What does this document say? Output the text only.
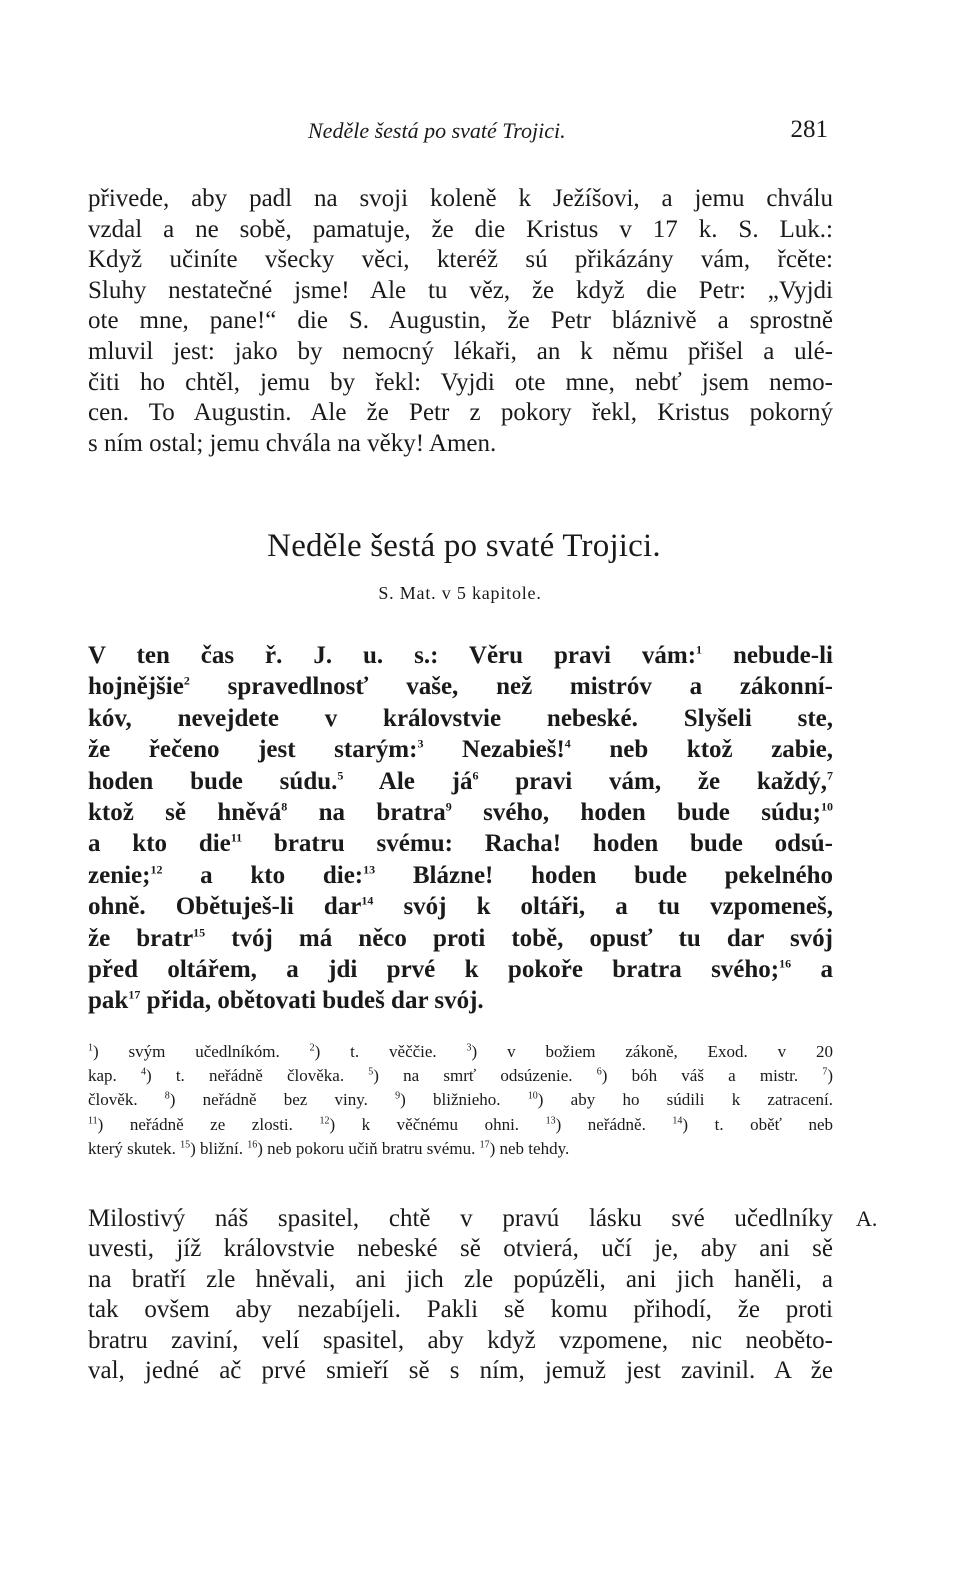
Neděle šestá po svaté Trojici.	281
přivede, aby padl na svoji koleně k Ježíšovi, a jemu chválu
vzdal a ne sobě, pamatuje, že die Kristus v 17 k. S. Luk.:
Když učiníte všecky věci, kteréž sú přikázány vám, řcěte:
Sluhy nestatečné jsme! Ale tu věz, že když die Petr: „Vyjdi
ote mne, pane!“ die S. Augustin, že Petr bláznivě a sprostně
mluvil jest: jako by nemocný lékaři, an k němu přišel a ulé-
čiti ho chtěl, jemu by řekl: Vyjdi ote mne, nebť jsem nemo-
cen. To Augustin. Ale že Petr z pokory řekl, Kristus pokorný
s ním ostal; jemu chvála na věky! Amen.
Neděle šestá po svaté Trojici.
S. Mat. v 5 kapitole.
V ten čas ř. J. u. s.: Věru pravi vám:$^1$ nebude-li
hojnějšie$^2$ spravedlnosť vaše, než mistróv a zákonní-
kóv, nevejdete v královstvie nebeské. Slyšeli ste,
že řečeno jest starým:$^3$ Nezabieš!$^4$ neb ktož zabie,
hoden bude súdu.$^5$ Ale já$^6$ pravi vám, že každý,$^7$
ktož sě hněvá$^8$ na bratra$^9$ svého, hoden bude súdu;$^{10}$
a kto die$^{11}$ bratru svému: Racha! hoden bude odsú-
zenie;$^{12}$ a kto die:$^{13}$ Blázne! hoden bude pekelného
ohně. Obětuješ-li dar$^{14}$ svój k oltáři, a tu vzpomeneš,
že bratr$^{15}$ tvój má něco proti tobě, opusť tu dar svój
před oltářem, a jdi prvé k pokoře bratra svého;$^{16}$ a
pak$^{17}$ přida, obětovati budeš dar svój.
$^1$) svým učedlníkóm. $^2$) t. věččie. $^3$) v božiem zákoně, Exod. v 20
kap. $^4$) t. neřádně člověka. $^5$) na smrť odsúzenie. $^6$) bóh váš a mistr. $^7$)
člověk. $^8$) neřádně bez viny. $^9$) bližnieho. $^{10}$) aby ho súdili k zatracení.
$^{11}$) neřádně ze zlosti. $^{12}$) k věčnému ohni. $^{13}$) neřádně. $^{14}$) t. oběť neb
který skutek. $^{15}$) bližní. $^{16}$) neb pokoru učiň bratru svému. $^{17}$) neb tehdy.
Milostivý náš spasitel, chtě v pravú lásku své učedlníky
uvesti, jíž královstvie nebeské sě otvierá, učí je, aby ani sě
na bratří zle hněvali, ani jich zle popúzěli, ani jich haněli, a
tak ovšem aby nezabíjeli. Pakli sě komu přihodí, že proti
bratru zaviní, velí spasitel, aby když vzpomene, nic neoběto-
val, jedné ač prvé smieří sě s ním, jemuž jest zavinil. A že
A.
